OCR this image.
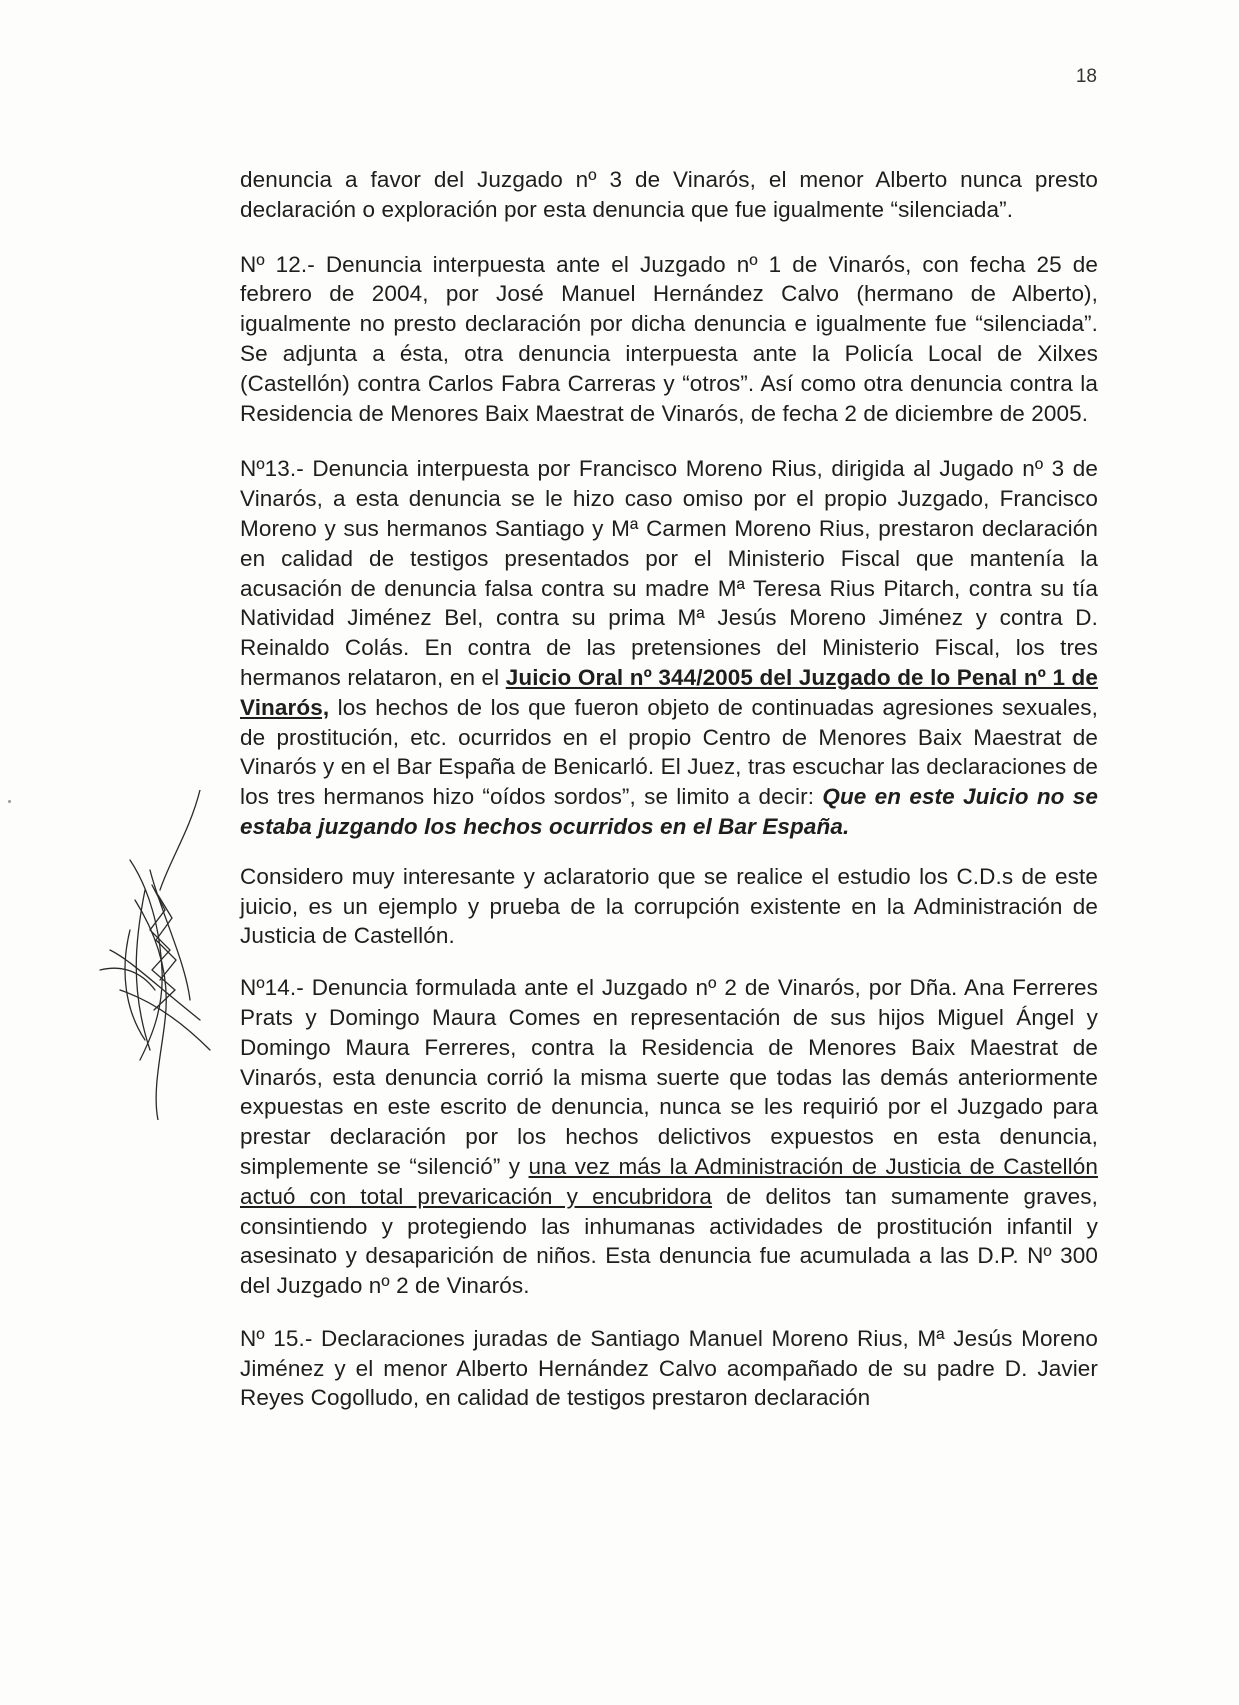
18

denuncia a favor del Juzgado nº 3 de Vinarós, el menor Alberto nunca presto declaración o exploración por esta denuncia que fue igualmente “silenciada”.

Nº 12.- Denuncia interpuesta ante el Juzgado nº 1 de Vinarós, con fecha 25 de febrero de 2004, por José Manuel Hernández Calvo (hermano de Alberto), igualmente no presto declaración por dicha denuncia e igualmente fue “silenciada”. Se adjunta a ésta, otra denuncia interpuesta ante la Policía Local de Xilxes (Castellón) contra Carlos Fabra Carreras y “otros”. Así como otra denuncia contra la Residencia de Menores Baix Maestrat de Vinarós, de fecha 2 de diciembre de 2005.

Nº13.- Denuncia interpuesta por Francisco Moreno Rius, dirigida al Jugado nº 3 de Vinarós, a esta denuncia se le hizo caso omiso por el propio Juzgado, Francisco Moreno y sus hermanos Santiago y Mª Carmen Moreno Rius, prestaron declaración en calidad de testigos presentados por el Ministerio Fiscal que mantenía la acusación de denuncia falsa contra su madre Mª Teresa Rius Pitarch, contra su tía Natividad Jiménez Bel, contra su prima Mª Jesús Moreno Jiménez y contra D. Reinaldo Colás. En contra de las pretensiones del Ministerio Fiscal, los tres hermanos relataron, en el Juicio Oral nº 344/2005 del Juzgado de lo Penal nº 1 de Vinarós, los hechos de los que fueron objeto de continuadas agresiones sexuales, de prostitución, etc. ocurridos en el propio Centro de Menores Baix Maestrat de Vinarós y en el Bar España de Benicarló. El Juez, tras escuchar las declaraciones de los tres hermanos hizo “oídos sordos”, se limito a decir: Que en este Juicio no se estaba juzgando los hechos ocurridos en el Bar España.

Considero muy interesante y aclaratorio que se realice el estudio los C.D.s de este juicio, es un ejemplo y prueba de la corrupción existente en la Administración de Justicia de Castellón.

Nº14.- Denuncia formulada ante el Juzgado nº 2 de Vinarós, por Dña. Ana Ferreres Prats y Domingo Maura Comes en representación de sus hijos Miguel Ángel y Domingo Maura Ferreres, contra la Residencia de Menores Baix Maestrat de Vinarós, esta denuncia corrió la misma suerte que todas las demás anteriormente expuestas en este escrito de denuncia, nunca se les requirió por el Juzgado para prestar declaración por los hechos delictivos expuestos en esta denuncia, simplemente se “silenció” y una vez más la Administración de Justicia de Castellón actuó con total prevaricación y encubridora de delitos tan sumamente graves, consintiendo y protegiendo las inhumanas actividades de prostitución infantil y asesinato y desaparición de niños. Esta denuncia fue acumulada a las D.P. Nº 300 del Juzgado nº 2 de Vinarós.

Nº 15.- Declaraciones juradas de Santiago Manuel Moreno Rius, Mª Jesús Moreno Jiménez y el menor Alberto Hernández Calvo acompañado de su padre D. Javier Reyes Cogolludo, en calidad de testigos prestaron declaración
